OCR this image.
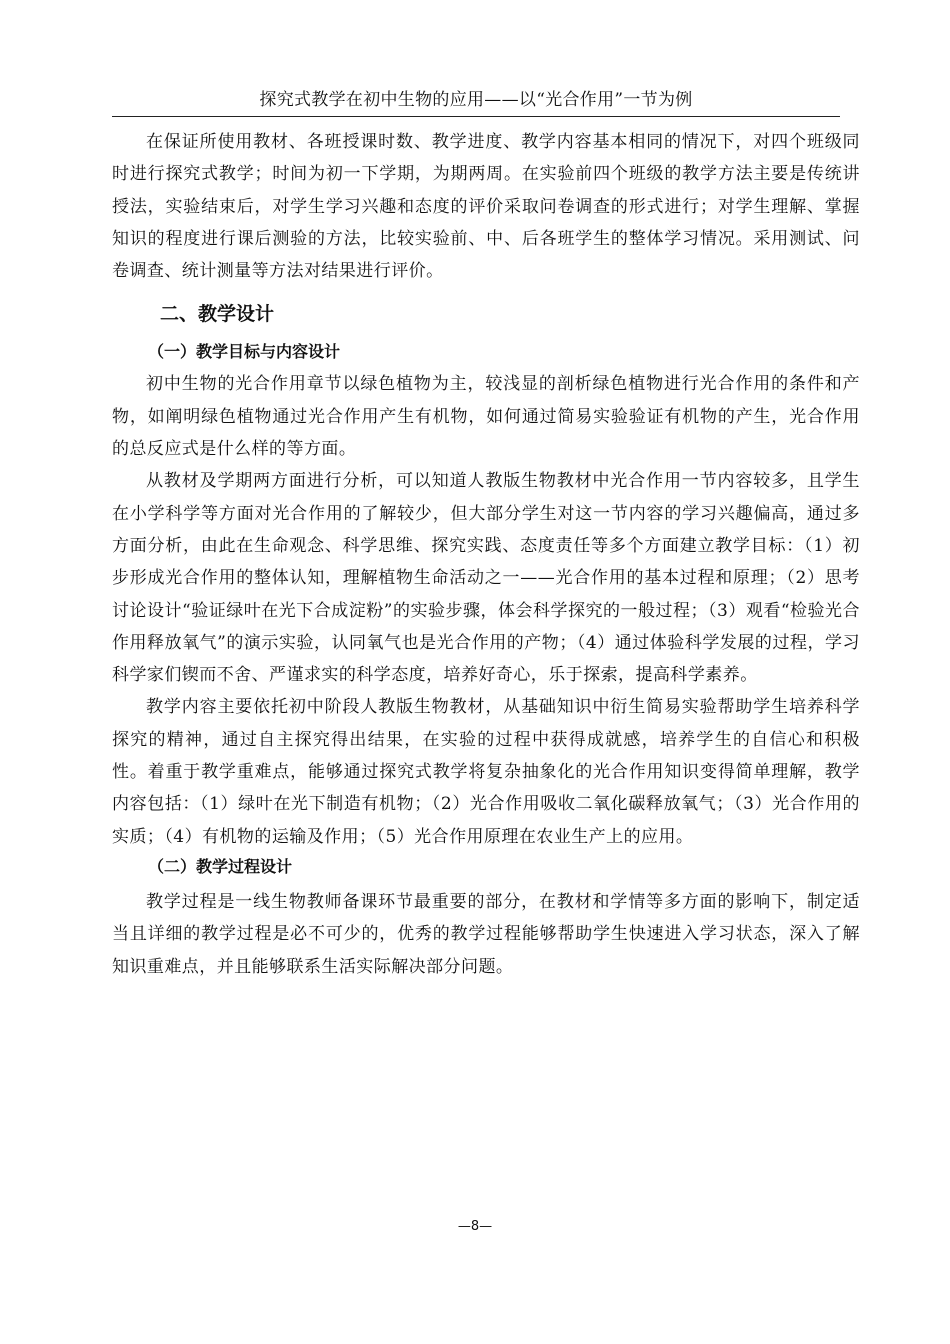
探究式教学在初中生物的应用——以“光合作用”一节为例

在保证所使用教材、各班授课时数、教学进度、教学内容基本相同的情况下，对四个班级同时进行探究式教学；时间为初一下学期，为期两周。在实验前四个班级的教学方法主要是传统讲授法，实验结束后，对学生学习兴趣和态度的评价采取问卷调查的形式进行；对学生理解、掌握知识的程度进行课后测验的方法，比较实验前、中、后各班学生的整体学习情况。采用测试、问卷调查、统计测量等方法对结果进行评价。

二、教学设计
（一）教学目标与内容设计

初中生物的光合作用章节以绿色植物为主，较浅显的剖析绿色植物进行光合作用的条件和产物，如阐明绿色植物通过光合作用产生有机物，如何通过简易实验验证有机物的产生，光合作用的总反应式是什么样的等方面。

从教材及学期两方面进行分析，可以知道人教版生物教材中光合作用一节内容较多，且学生在小学科学等方面对光合作用的了解较少，但大部分学生对这一节内容的学习兴趣偏高，通过多方面分析，由此在生命观念、科学思维、探究实践、态度责任等多个方面建立教学目标：（1）初步形成光合作用的整体认知，理解植物生命活动之一——光合作用的基本过程和原理；（2）思考讨论设计“验证绿叶在光下合成淀粉”的实验步骤，体会科学探究的一般过程；（3）观看“检验光合作用释放氧气”的演示实验，认同氧气也是光合作用的产物；（4）通过体验科学发展的过程，学习科学家们锲而不舍、严谨求实的科学态度，培养好奇心，乐于探索，提高科学素养。

教学内容主要依托初中阶段人教版生物教材，从基础知识中衍生简易实验帮助学生培养科学探究的精神，通过自主探究得出结果，在实验的过程中获得成就感，培养学生的自信心和积极性。着重于教学重难点，能够通过探究式教学将复杂抽象化的光合作用知识变得简单理解，教学内容包括：（1）绿叶在光下制造有机物；（2）光合作用吸收二氧化碳释放氧气；（3）光合作用的实质；（4）有机物的运输及作用；（5）光合作用原理在农业生产上的应用。

（二）教学过程设计

教学过程是一线生物教师备课环节最重要的部分，在教材和学情等多方面的影响下，制定适当且详细的教学过程是必不可少的，优秀的教学过程能够帮助学生快速进入学习状态，深入了解知识重难点，并且能够联系生活实际解决部分问题。

—8—
